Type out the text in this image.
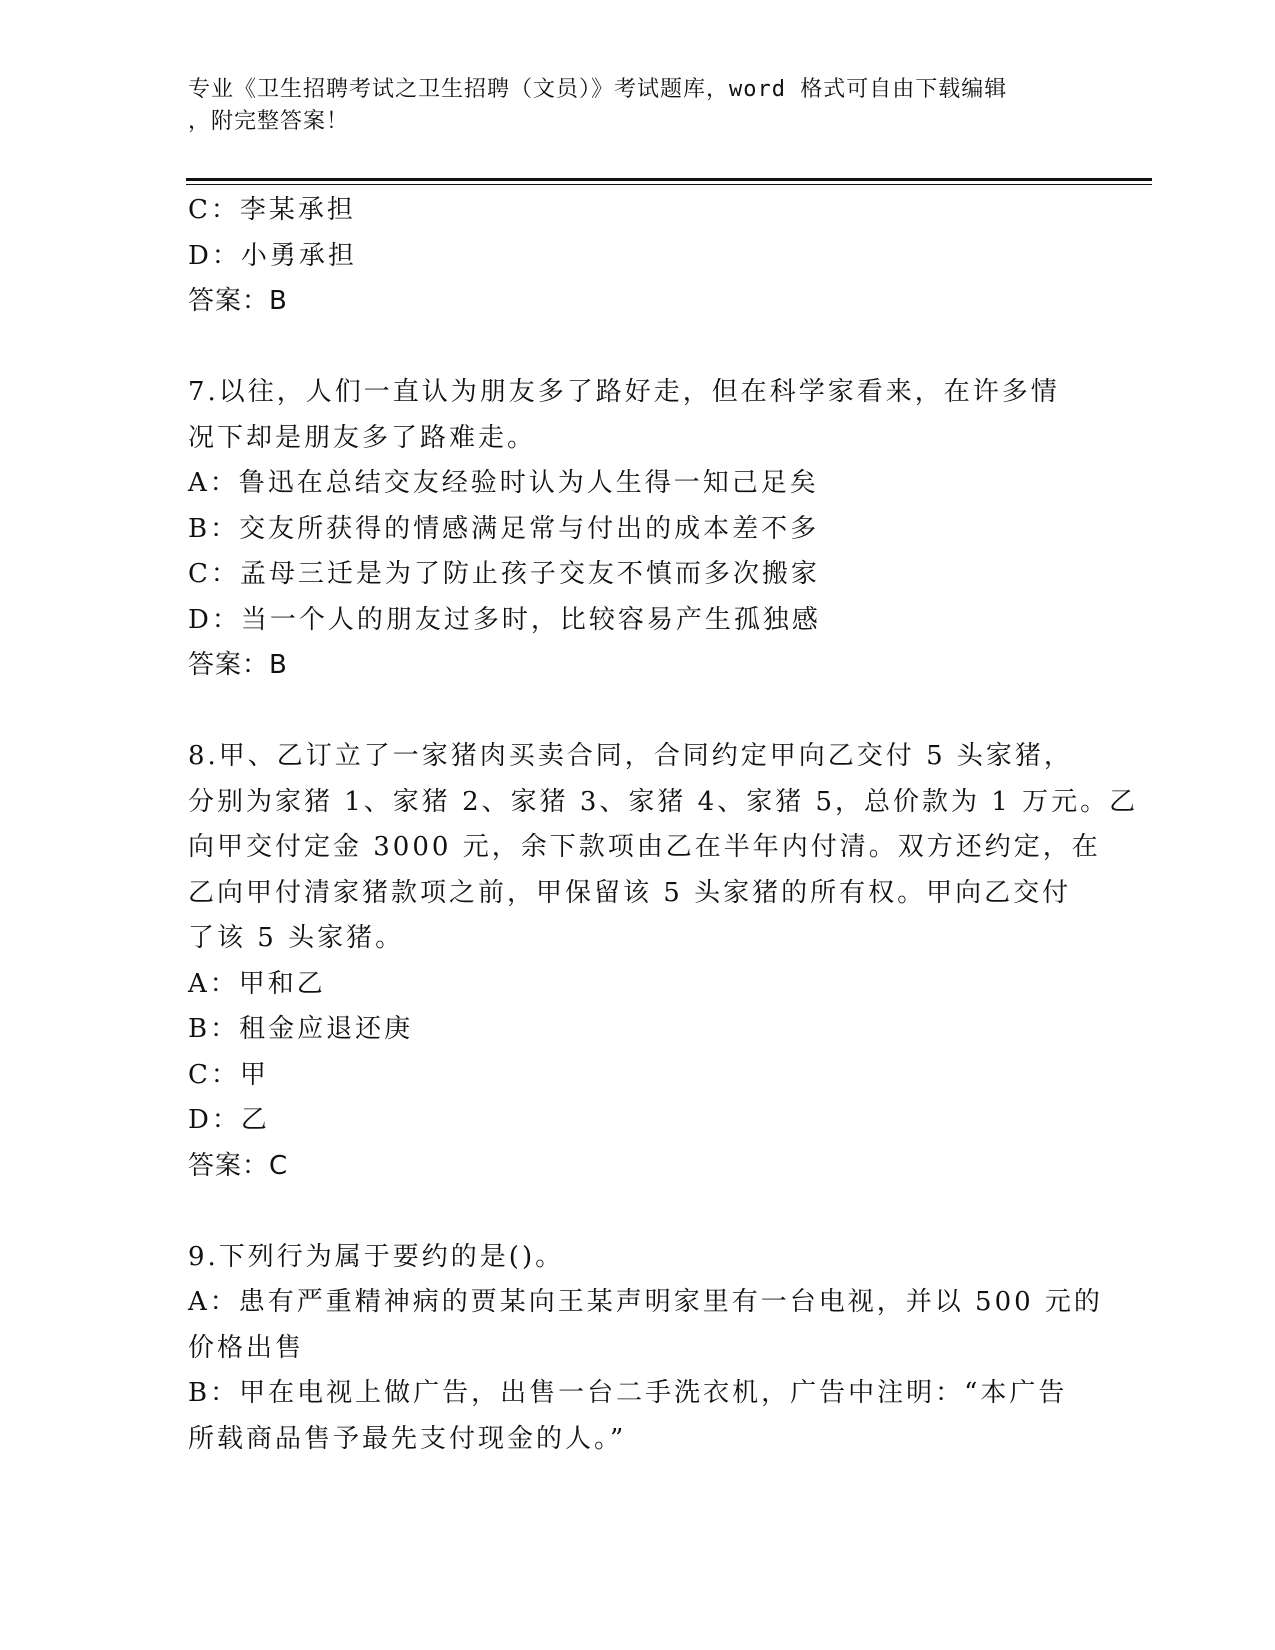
专业《卫生招聘考试之卫生招聘（文员）》考试题库，word 格式可自由下载编辑
，附完整答案！
C：李某承担
D：小勇承担
答案：B
7.以往，人们一直认为朋友多了路好走，但在科学家看来，在许多情
况下却是朋友多了路难走。
A：鲁迅在总结交友经验时认为人生得一知己足矣
B：交友所获得的情感满足常与付出的成本差不多
C：孟母三迁是为了防止孩子交友不慎而多次搬家
D：当一个人的朋友过多时，比较容易产生孤独感
答案：B
8.甲、乙订立了一家猪肉买卖合同，合同约定甲向乙交付 5 头家猪，
分别为家猪 1、家猪 2、家猪 3、家猪 4、家猪 5，总价款为 1 万元。乙
向甲交付定金 3000 元，余下款项由乙在半年内付清。双方还约定，在
乙向甲付清家猪款项之前，甲保留该 5 头家猪的所有权。甲向乙交付
了该 5 头家猪。
A：甲和乙
B：租金应退还庚
C：甲
D：乙
答案：C
9.下列行为属于要约的是()。
A：患有严重精神病的贾某向王某声明家里有一台电视，并以 500 元的
价格出售
B：甲在电视上做广告，出售一台二手洗衣机，广告中注明：“本广告
所载商品售予最先支付现金的人。”
